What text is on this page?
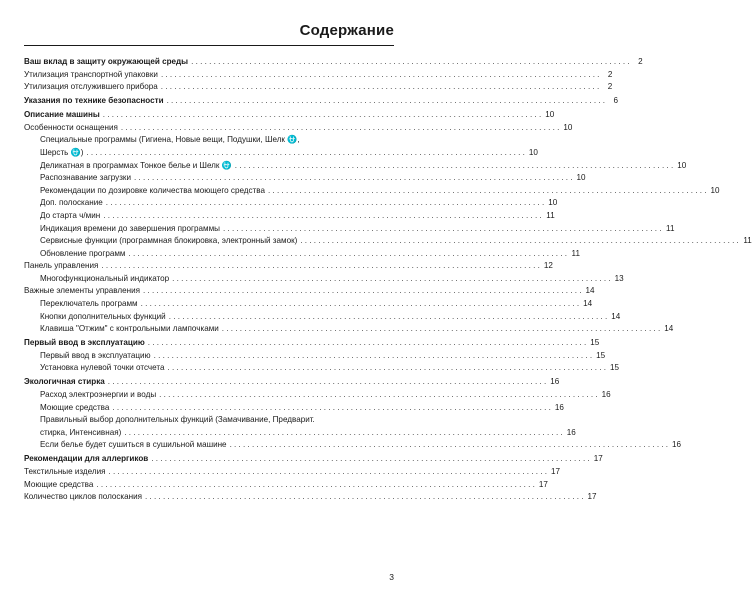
Содержание
Ваш вклад в защиту окружающей среды . . .	2
Утилизация транспортной упаковки . . .	2
Утилизация отслужившего прибора . . .	2
Указания по технике безопасности . . .	6
Описание машины . . .	10
Особенности оснащения . . .	10
Специальные программы (Гигиена, Новые вещи, Подушки, Шелк ⛎,
Шерсть ⛎) . . .	10
Деликатная в программах Тонкое белье и Шелк ⛎ . . .	10
Распознавание загрузки . . .	10
Рекомендации по дозировке количества моющего средства . . .	10
Доп. полоскание . . .	10
До старта ч/мин . . .	11
Индикация времени до завершения программы . . .	11
Сервисные функции (программная блокировка, электронный замок) . . .	11
Обновление программ . . .	11
Панель управления . . .	12
Многофункциональный индикатор . . .	13
Важные элементы управления . . .	14
Переключатель программ . . .	14
Кнопки дополнительных функций . . .	14
Клавиша "Отжим" с контрольными лампочками . . .	14
Первый ввод в эксплуатацию . . .	15
Первый ввод в эксплуатацию . . .	15
Установка нулевой точки отсчета . . .	15
Экологичная стирка . . .	16
Расход электроэнергии и воды . . .	16
Моющие средства . . .	16
Правильный выбор дополнительных функций (Замачивание, Предварит.
стирка, Интенсивная) . . .	16
Если белье будет сушиться в сушильной машине . . .	16
Рекомендации для аллергиков . . .	17
Текстильные изделия . . .	17
Моющие средства . . .	17
Количество циклов полоскания . . .	17
3
